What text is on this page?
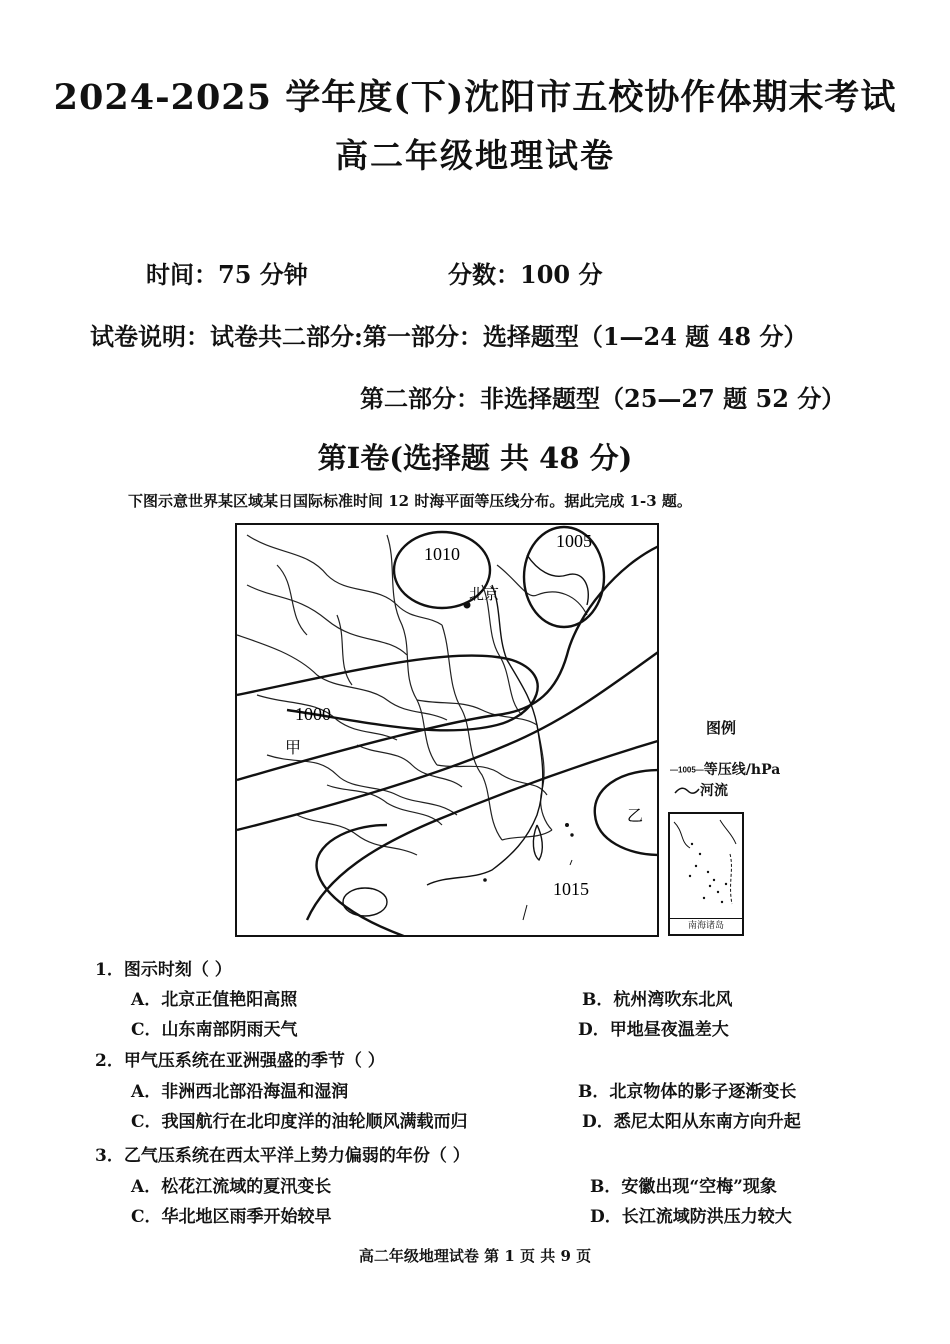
2024-2025 学年度(下)沈阳市五校协作体期末考试
高二年级地理试卷
时间：75 分钟	分数：100 分
试卷说明：试卷共二部分:第一部分：选择题型（1—24 题 48 分）
第二部分：非选择题型（25—27 题 52 分）
第Ⅰ卷(选择题 共 48 分)
下图示意世界某区域某日国际标准时间 12 时海平面等压线分布。据此完成 1-3 题。
1010
1005
北京
1000
甲
乙
1015
图例
—1005—等压线/hPa
河流
南海诸岛
1．图示时刻（ ）
A．北京正值艳阳高照	B．杭州湾吹东北风
C．山东南部阴雨天气	D．甲地昼夜温差大
2．甲气压系统在亚洲强盛的季节（ ）
A．非洲西北部沿海温和湿润	B．北京物体的影子逐渐变长
C．我国航行在北印度洋的油轮顺风满载而归	D．悉尼太阳从东南方向升起
3．乙气压系统在西太平洋上势力偏弱的年份（ ）
A．松花江流域的夏汛变长	B．安徽出现“空梅”现象
C．华北地区雨季开始较早	D．长江流域防洪压力较大
高二年级地理试卷 第 1 页 共 9 页
